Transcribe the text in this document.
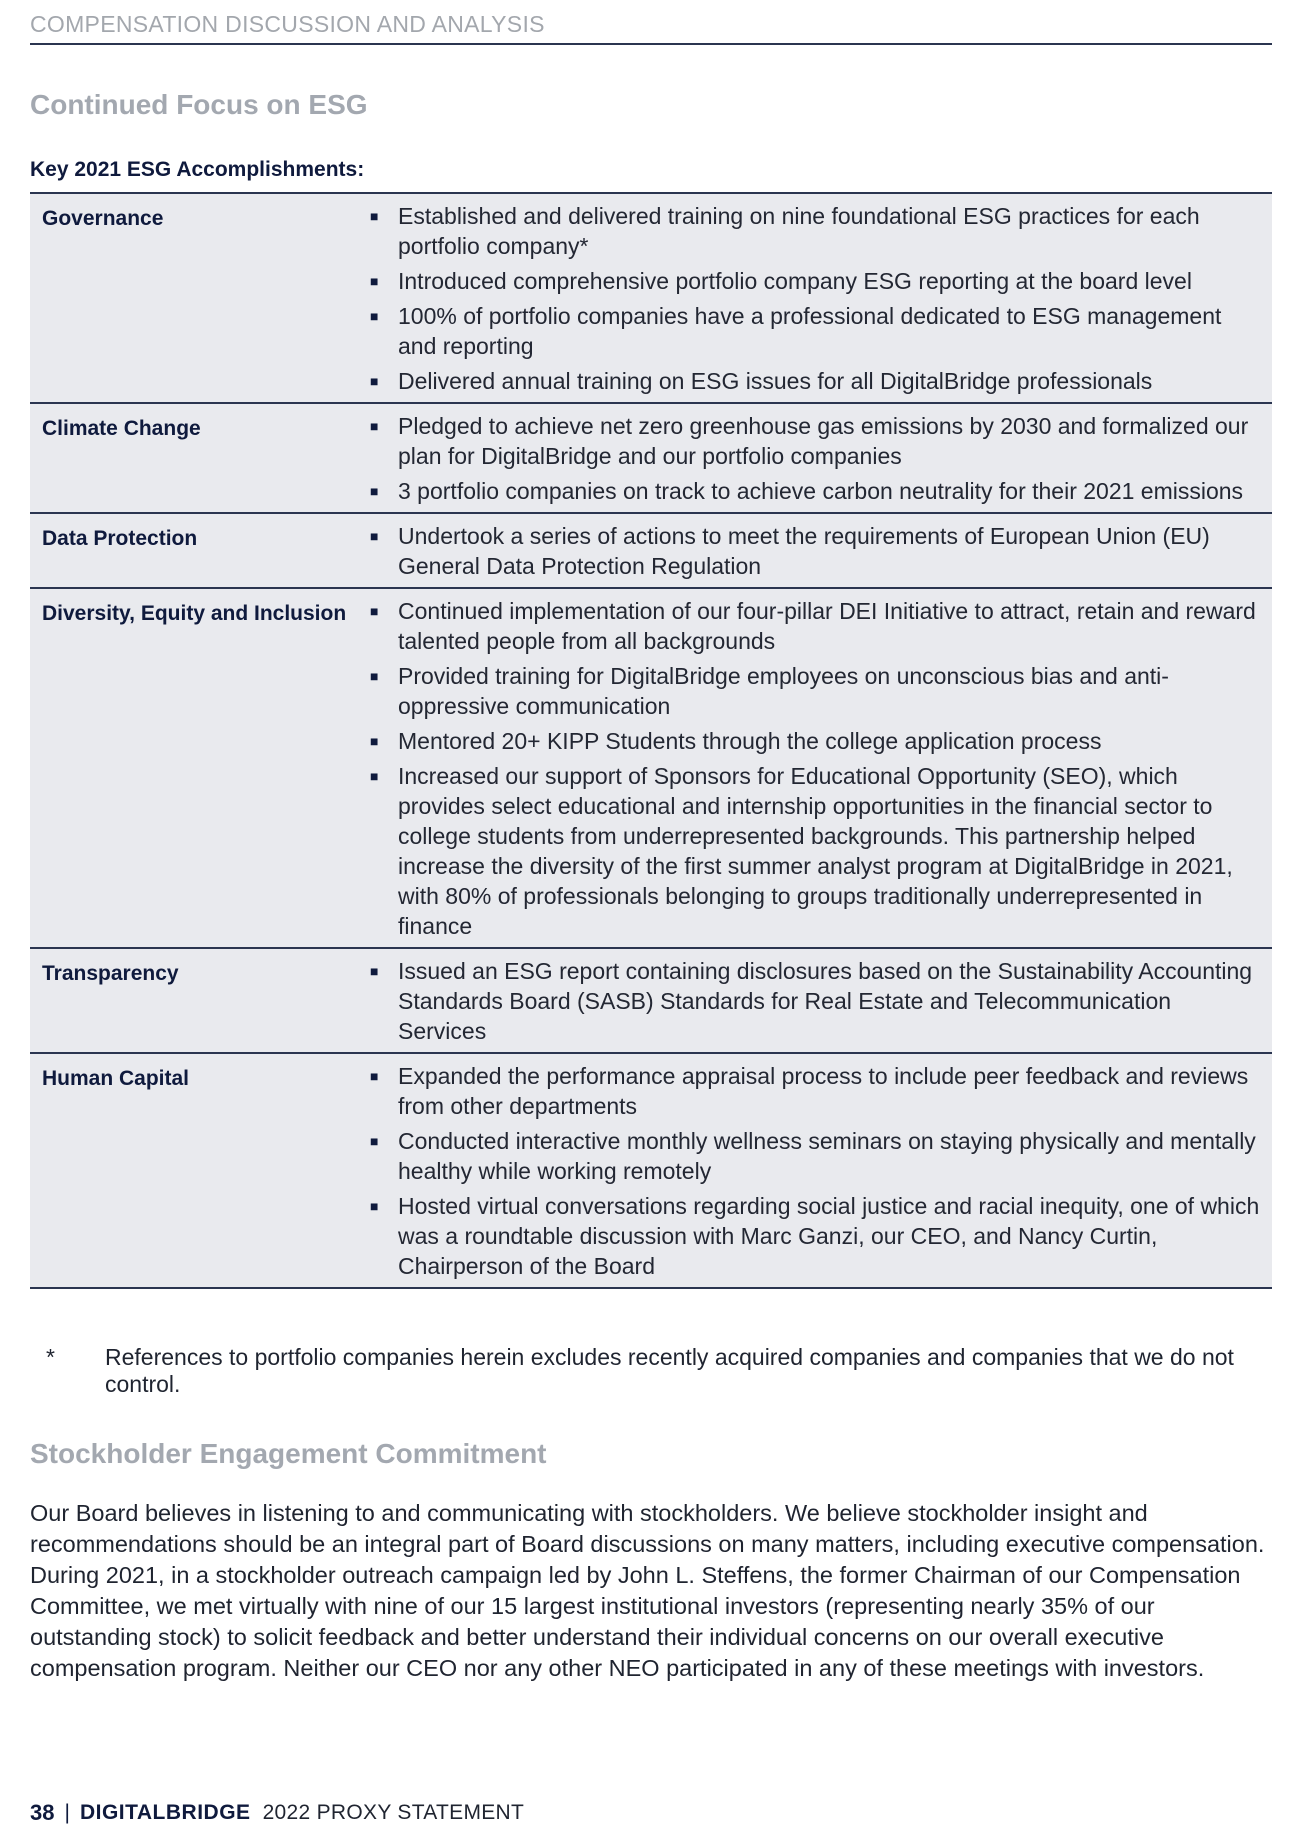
COMPENSATION DISCUSSION AND ANALYSIS
Continued Focus on ESG
Key 2021 ESG Accomplishments:
Governance	■ Established and delivered training on nine foundational ESG practices for each portfolio company*
■ Introduced comprehensive portfolio company ESG reporting at the board level
■ 100% of portfolio companies have a professional dedicated to ESG management and reporting
■ Delivered annual training on ESG issues for all DigitalBridge professionals
Climate Change	■ Pledged to achieve net zero greenhouse gas emissions by 2030 and formalized our plan for DigitalBridge and our portfolio companies
■ 3 portfolio companies on track to achieve carbon neutrality for their 2021 emissions
Data Protection	■ Undertook a series of actions to meet the requirements of European Union (EU) General Data Protection Regulation
Diversity, Equity and Inclusion	■ Continued implementation of our four-pillar DEI Initiative to attract, retain and reward talented people from all backgrounds
■ Provided training for DigitalBridge employees on unconscious bias and anti-oppressive communication
■ Mentored 20+ KIPP Students through the college application process
■ Increased our support of Sponsors for Educational Opportunity (SEO), which provides select educational and internship opportunities in the financial sector to college students from underrepresented backgrounds. This partnership helped increase the diversity of the first summer analyst program at DigitalBridge in 2021, with 80% of professionals belonging to groups traditionally underrepresented in finance
Transparency	■ Issued an ESG report containing disclosures based on the Sustainability Accounting Standards Board (SASB) Standards for Real Estate and Telecommunication Services
Human Capital	■ Expanded the performance appraisal process to include peer feedback and reviews from other departments
■ Conducted interactive monthly wellness seminars on staying physically and mentally healthy while working remotely
■ Hosted virtual conversations regarding social justice and racial inequity, one of which was a roundtable discussion with Marc Ganzi, our CEO, and Nancy Curtin, Chairperson of the Board
*	References to portfolio companies herein excludes recently acquired companies and companies that we do not control.
Stockholder Engagement Commitment
Our Board believes in listening to and communicating with stockholders. We believe stockholder insight and recommendations should be an integral part of Board discussions on many matters, including executive compensation. During 2021, in a stockholder outreach campaign led by John L. Steffens, the former Chairman of our Compensation Committee, we met virtually with nine of our 15 largest institutional investors (representing nearly 35% of our outstanding stock) to solicit feedback and better understand their individual concerns on our overall executive compensation program. Neither our CEO nor any other NEO participated in any of these meetings with investors.
38 | DIGITALBRIDGE 2022 PROXY STATEMENT
